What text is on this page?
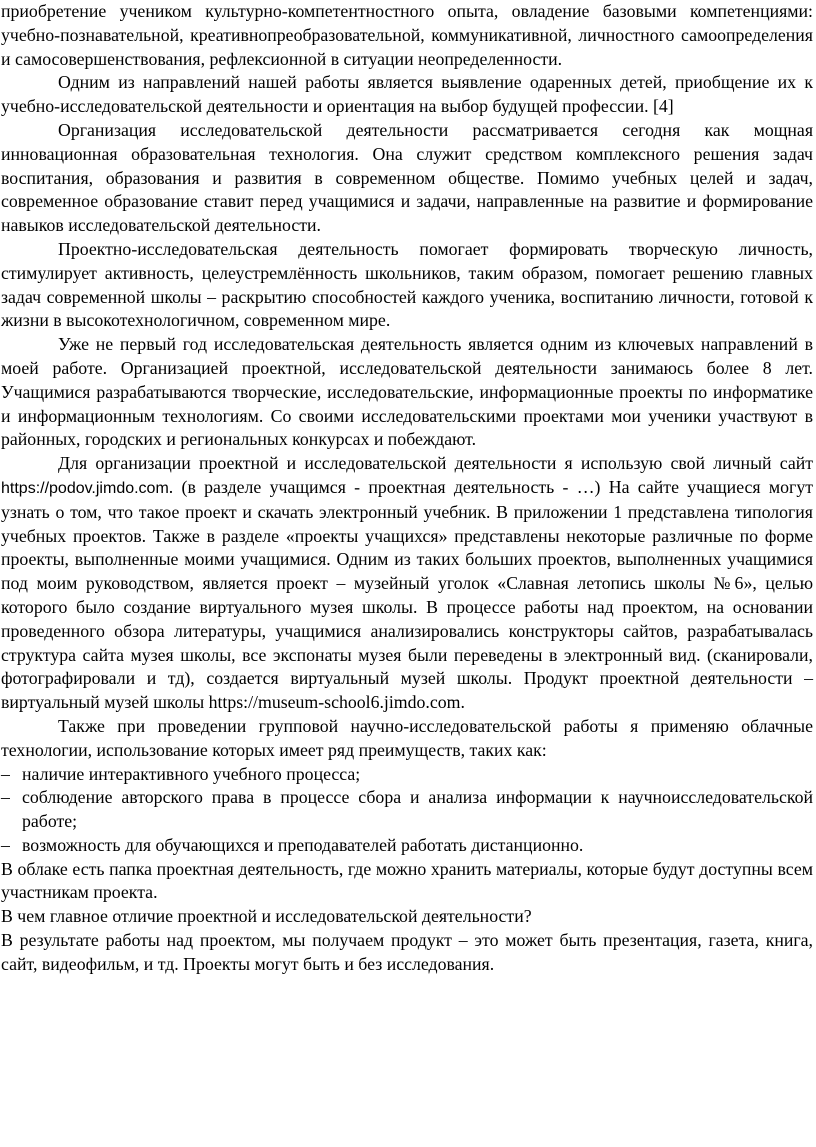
приобретение учеником культурно-компетентностного опыта, овладение базовыми компетенциями: учебно-познавательной, креативнопреобразовательной, коммуникативной, личностного самоопределения и самосовершенствования, рефлексионной в ситуации неопределенности.

Одним из направлений нашей работы является выявление одаренных детей, приобщение их к учебно-исследовательской деятельности и ориентация на выбор будущей профессии. [4]

Организация исследовательской деятельности рассматривается сегодня как мощная инновационная образовательная технология. Она служит средством комплексного решения задач воспитания, образования и развития в современном обществе. Помимо учебных целей и задач, современное образование ставит перед учащимися и задачи, направленные на развитие и формирование навыков исследовательской деятельности.

Проектно-исследовательская деятельность помогает формировать творческую личность, стимулирует активность, целеустремлённость школьников, таким образом, помогает решению главных задач современной школы – раскрытию способностей каждого ученика, воспитанию личности, готовой к жизни в высокотехнологичном, современном мире.

Уже не первый год исследовательская деятельность является одним из ключевых направлений в моей работе. Организацией проектной, исследовательской деятельности занимаюсь более 8 лет. Учащимися разрабатываются творческие, исследовательские, информационные проекты по информатике и информационным технологиям. Со своими исследовательскими проектами мои ученики участвуют в районных, городских и региональных конкурсах и побеждают.

Для организации проектной и исследовательской деятельности я использую свой личный сайт https://podov.jimdo.com. (в разделе учащимся - проектная деятельность - …) На сайте учащиеся могут узнать о том, что такое проект и скачать электронный учебник. В приложении 1 представлена типология учебных проектов. Также в разделе «проекты учащихся» представлены некоторые различные по форме проекты, выполненные моими учащимися. Одним из таких больших проектов, выполненных учащимися под моим руководством, является проект – музейный уголок «Славная летопись школы №6», целью которого было создание виртуального музея школы. В процессе работы над проектом, на основании проведенного обзора литературы, учащимися анализировались конструкторы сайтов, разрабатывалась структура сайта музея школы, все экспонаты музея были переведены в электронный вид. (сканировали, фотографировали и тд), создается виртуальный музей школы. Продукт проектной деятельности – виртуальный музей школы https://museum-school6.jimdo.com.

Также при проведении групповой научно-исследовательской работы я применяю облачные технологии, использование которых имеет ряд преимуществ, таких как:

– наличие интерактивного учебного процесса;
– соблюдение авторского права в процессе сбора и анализа информации к научноисследовательской работе;
– возможность для обучающихся и преподавателей работать дистанционно.

В облаке есть папка проектная деятельность, где можно хранить материалы, которые будут доступны всем участникам проекта.

В чем главное отличие проектной и исследовательской деятельности?

В результате работы над проектом, мы получаем продукт – это может быть презентация, газета, книга, сайт, видеофильм, и тд. Проекты могут быть и без исследования.
